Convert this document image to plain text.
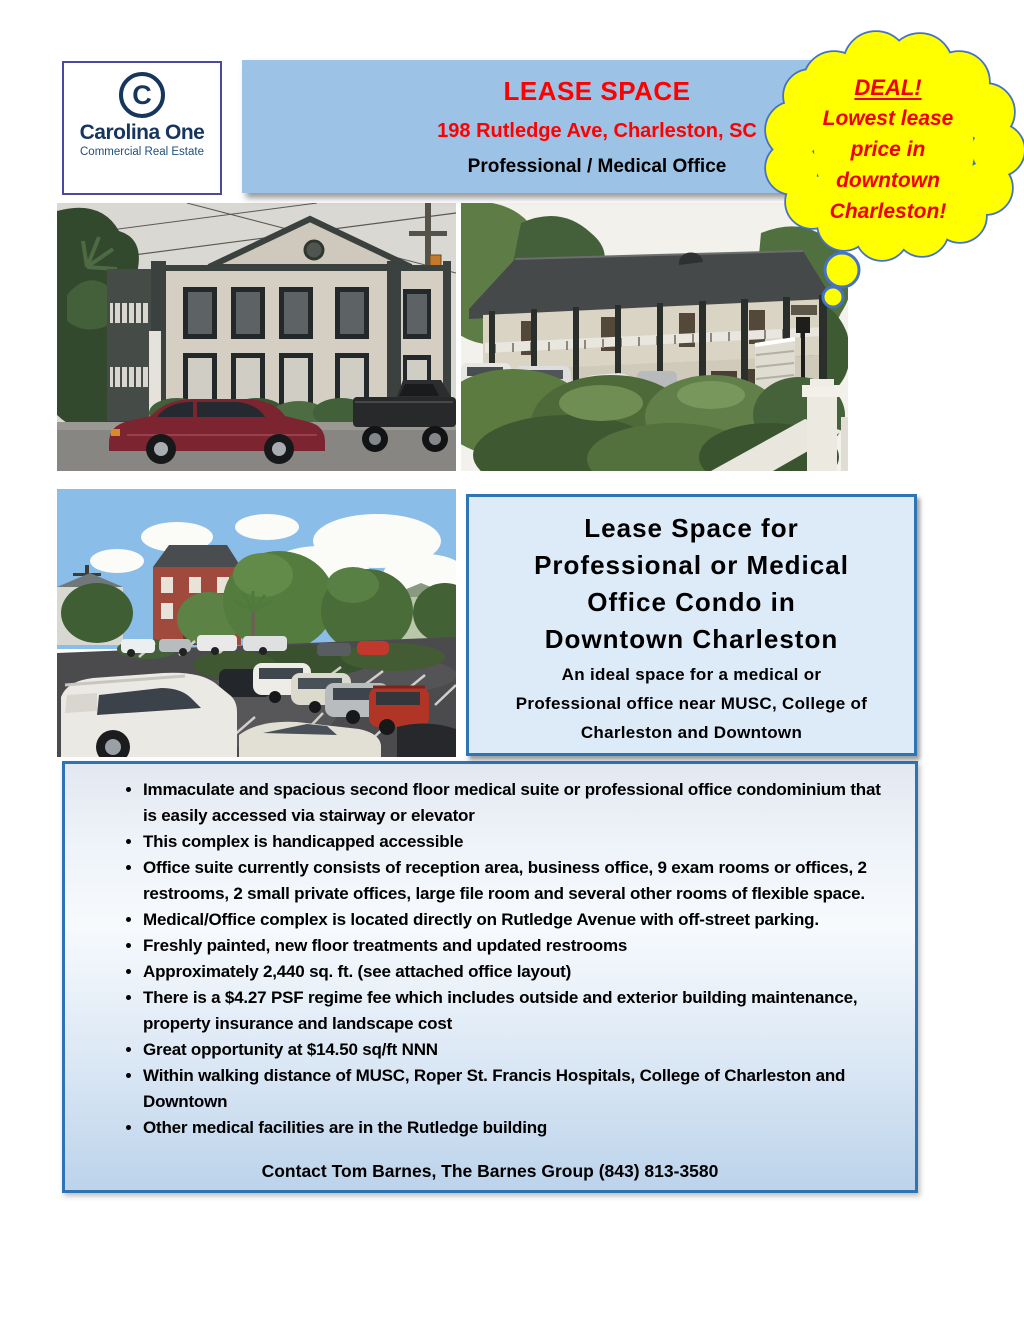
C
Carolina One
Commercial Real Estate
LEASE SPACE
198 Rutledge Ave, Charleston, SC
Professional / Medical Office
DEAL!
Lowest lease
price in
downtown
Charleston!
Lease Space for
Professional or Medical
Office Condo in
Downtown Charleston
An ideal space for a medical or
Professional office near MUSC, College of
Charleston and Downtown
• Immaculate and spacious second floor medical suite or professional office condominium that is easily accessed via stairway or elevator
• This complex is handicapped accessible
• Office suite currently consists of reception area, business office, 9 exam rooms or offices, 2 restrooms, 2 small private offices, large file room and several other rooms of flexible space.
• Medical/Office complex is located directly on Rutledge Avenue with off-street parking.
• Freshly painted, new floor treatments and updated restrooms
• Approximately 2,440 sq. ft. (see attached office layout)
• There is a $4.27 PSF regime fee which includes outside and exterior building maintenance, property insurance and landscape cost
• Great opportunity at $14.50 sq/ft NNN
• Within walking distance of MUSC, Roper St. Francis Hospitals, College of Charleston and Downtown
• Other medical facilities are in the Rutledge building
Contact Tom Barnes, The Barnes Group (843) 813-3580
